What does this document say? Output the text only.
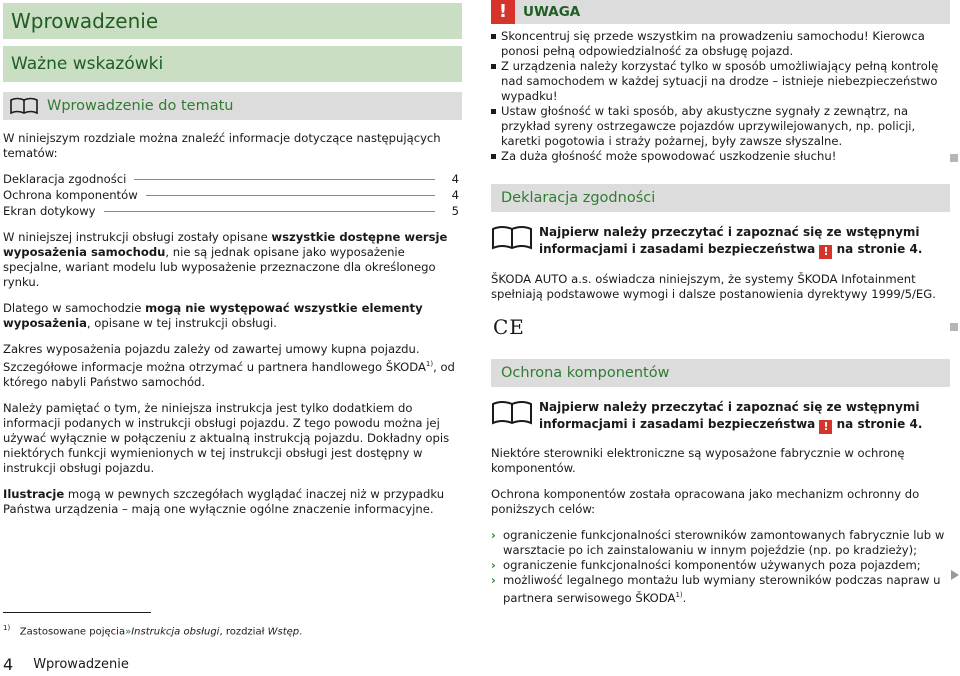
Wprowadzenie
Ważne wskazówki
Wprowadzenie do tematu
W niniejszym rozdziale można znaleźć informacje dotyczące następujących tematów:
Deklaracja zgodności	4
Ochrona komponentów	4
Ekran dotykowy	5
W niniejszej instrukcji obsługi zostały opisane wszystkie dostępne wersje wyposażenia samochodu, nie są jednak opisane jako wyposażenie specjalne, wariant modelu lub wyposażenie przeznaczone dla określonego rynku.
Dlatego w samochodzie mogą nie występować wszystkie elementy wyposażenia, opisane w tej instrukcji obsługi.
Zakres wyposażenia pojazdu zależy od zawartej umowy kupna pojazdu. Szczegółowe informacje można otrzymać u partnera handlowego ŠKODA$^{1)}$, od którego nabyli Państwo samochód.
Należy pamiętać o tym, że niniejsza instrukcja jest tylko dodatkiem do informacji podanych w instrukcji obsługi pojazdu. Z tego powodu można jej używać wyłącznie w połączeniu z aktualną instrukcją pojazdu. Dokładny opis niektórych funkcji wymienionych w tej instrukcji obsługi jest dostępny w instrukcji obsługi pojazdu.
Ilustracje mogą w pewnych szczegółach wyglądać inaczej niż w przypadku Państwa urządzenia – mają one wyłącznie ogólne znaczenie informacyjne.
!	UWAGA
Skoncentruj się przede wszystkim na prowadzeniu samochodu! Kierowca ponosi pełną odpowiedzialność za obsługę pojazd.
Z urządzenia należy korzystać tylko w sposób umożliwiający pełną kontrolę nad samochodem w każdej sytuacji na drodze – istnieje niebezpieczeństwo wypadku!
Ustaw głośność w taki sposób, aby akustyczne sygnały z zewnątrz, na przykład syreny ostrzegawcze pojazdów uprzywilejowanych, np. policji, karetki pogotowia i straży pożarnej, były zawsze słyszalne.
Za duża głośność może spowodować uszkodzenie słuchu!
Deklaracja zgodności
Najpierw należy przeczytać i zapoznać się ze wstępnymi informacjami i zasadami bezpieczeństwa ! na stronie 4.
ŠKODA AUTO a.s. oświadcza niniejszym, że systemy ŠKODA Infotainment spełniają podstawowe wymogi i dalsze postanowienia dyrektywy 1999/5/EG.
CE
Ochrona komponentów
Najpierw należy przeczytać i zapoznać się ze wstępnymi informacjami i zasadami bezpieczeństwa ! na stronie 4.
Niektóre sterowniki elektroniczne są wyposażone fabrycznie w ochronę komponentów.
Ochrona komponentów została opracowana jako mechanizm ochronny do poniższych celów:
› ograniczenie funkcjonalności sterowników zamontowanych fabrycznie lub w warsztacie po ich zainstalowaniu w innym pojeździe (np. po kradzieży);
› ograniczenie funkcjonalności komponentów używanych poza pojazdem;
› możliwość legalnego montażu lub wymiany sterowników podczas napraw u partnera serwisowego ŠKODA$^{1)}$.
$^{1)}$ Zastosowane pojęcia»Instrukcja obsługi, rozdział Wstęp.
4 Wprowadzenie
